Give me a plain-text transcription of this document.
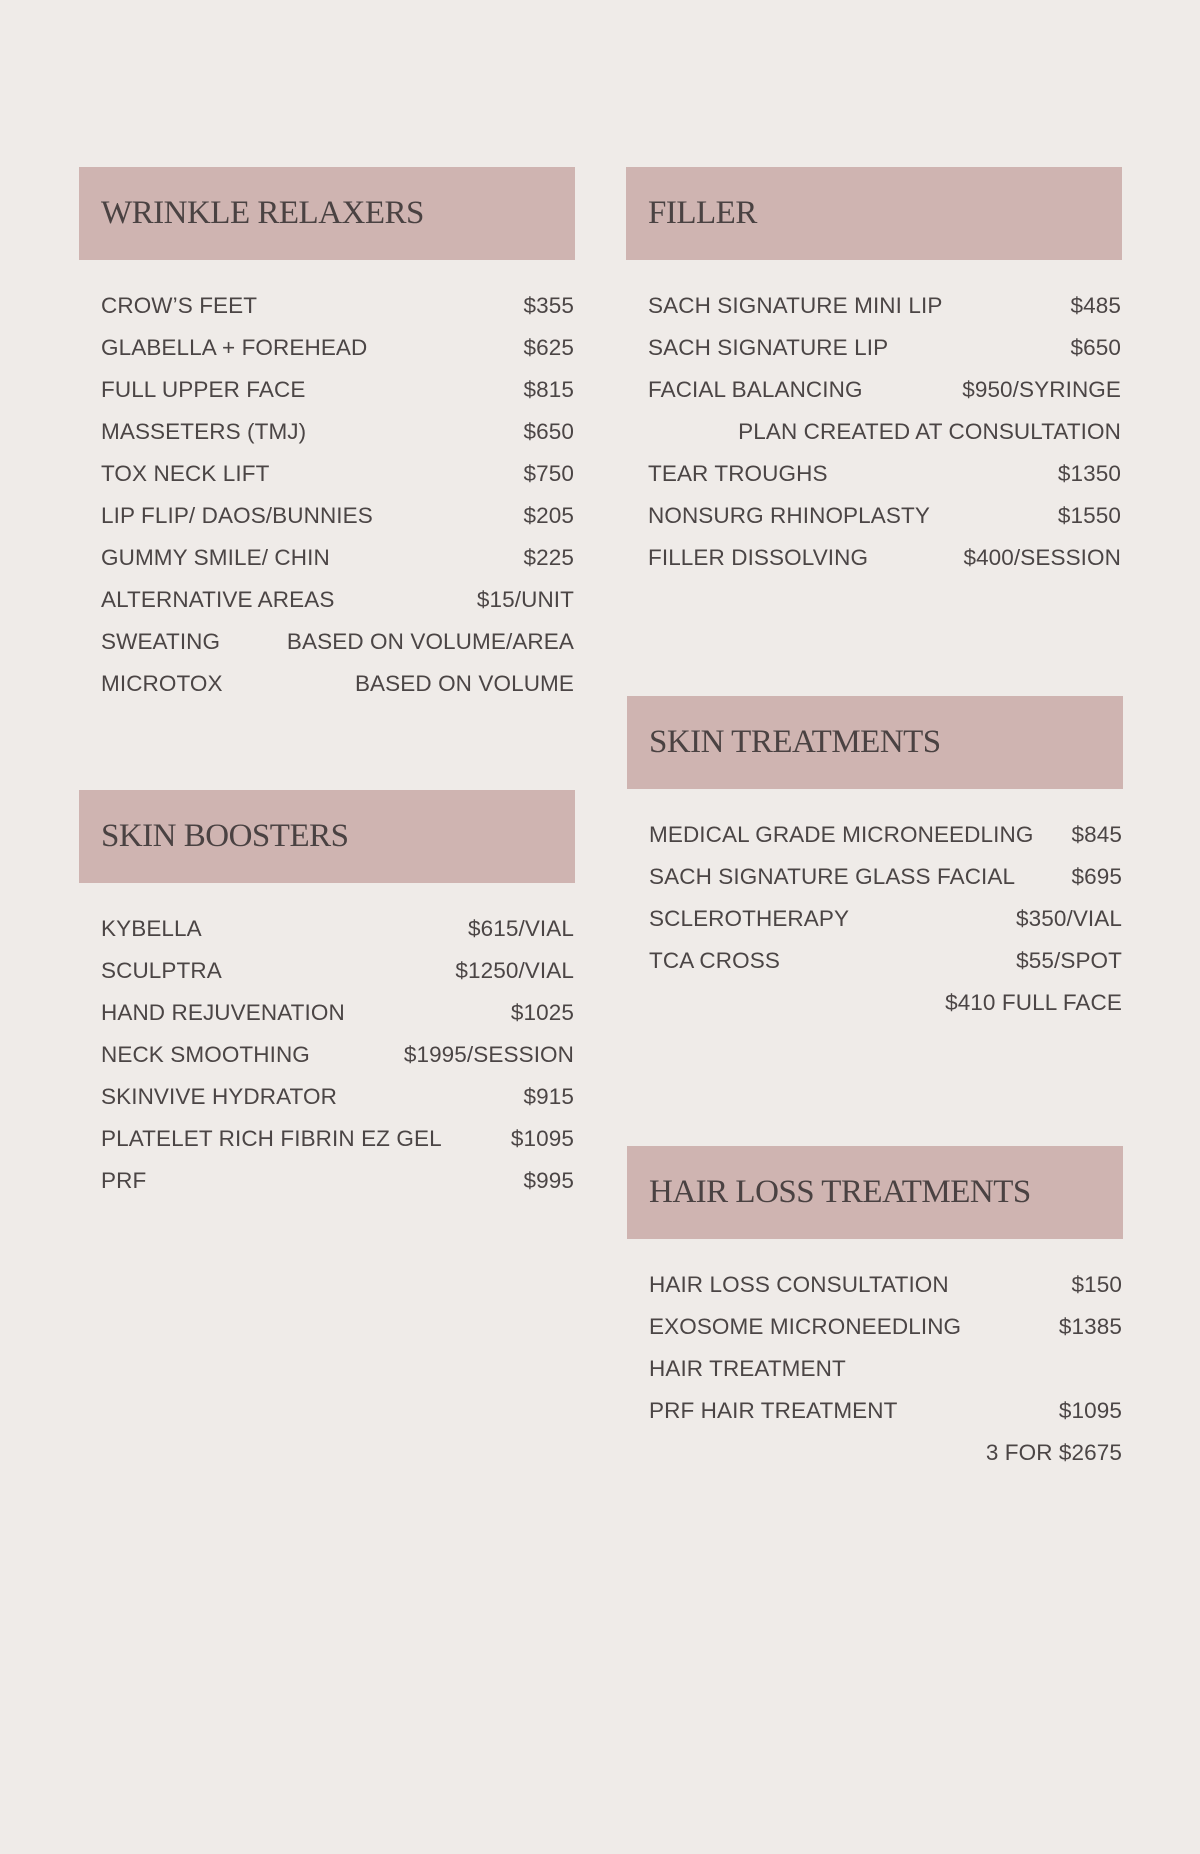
WRINKLE RELAXERS
CROW’S FEET	$355
GLABELLA + FOREHEAD	$625
FULL UPPER FACE	$815
MASSETERS (TMJ)	$650
TOX NECK LIFT	$750
LIP FLIP/ DAOS/BUNNIES	$205
GUMMY SMILE/ CHIN	$225
ALTERNATIVE AREAS	$15/UNIT
SWEATING	BASED ON VOLUME/AREA
MICROTOX	BASED ON VOLUME
FILLER
SACH SIGNATURE MINI LIP	$485
SACH SIGNATURE LIP	$650
FACIAL BALANCING	$950/SYRINGE
PLAN CREATED AT CONSULTATION
TEAR TROUGHS	$1350
NONSURG RHINOPLASTY	$1550
FILLER DISSOLVING	$400/SESSION
SKIN BOOSTERS
KYBELLA	$615/VIAL
SCULPTRA	$1250/VIAL
HAND REJUVENATION	$1025
NECK SMOOTHING	$1995/SESSION
SKINVIVE HYDRATOR	$915
PLATELET RICH FIBRIN EZ GEL	$1095
PRF	$995
SKIN TREATMENTS
MEDICAL GRADE MICRONEEDLING $845
SACH SIGNATURE GLASS FACIAL	$695
SCLEROTHERAPY	$350/VIAL
TCA CROSS	$55/SPOT
$410 FULL FACE
HAIR LOSS TREATMENTS
HAIR LOSS CONSULTATION	$150
EXOSOME MICRONEEDLING	$1385
HAIR TREATMENT
PRF HAIR TREATMENT	$1095
3 FOR $2675
